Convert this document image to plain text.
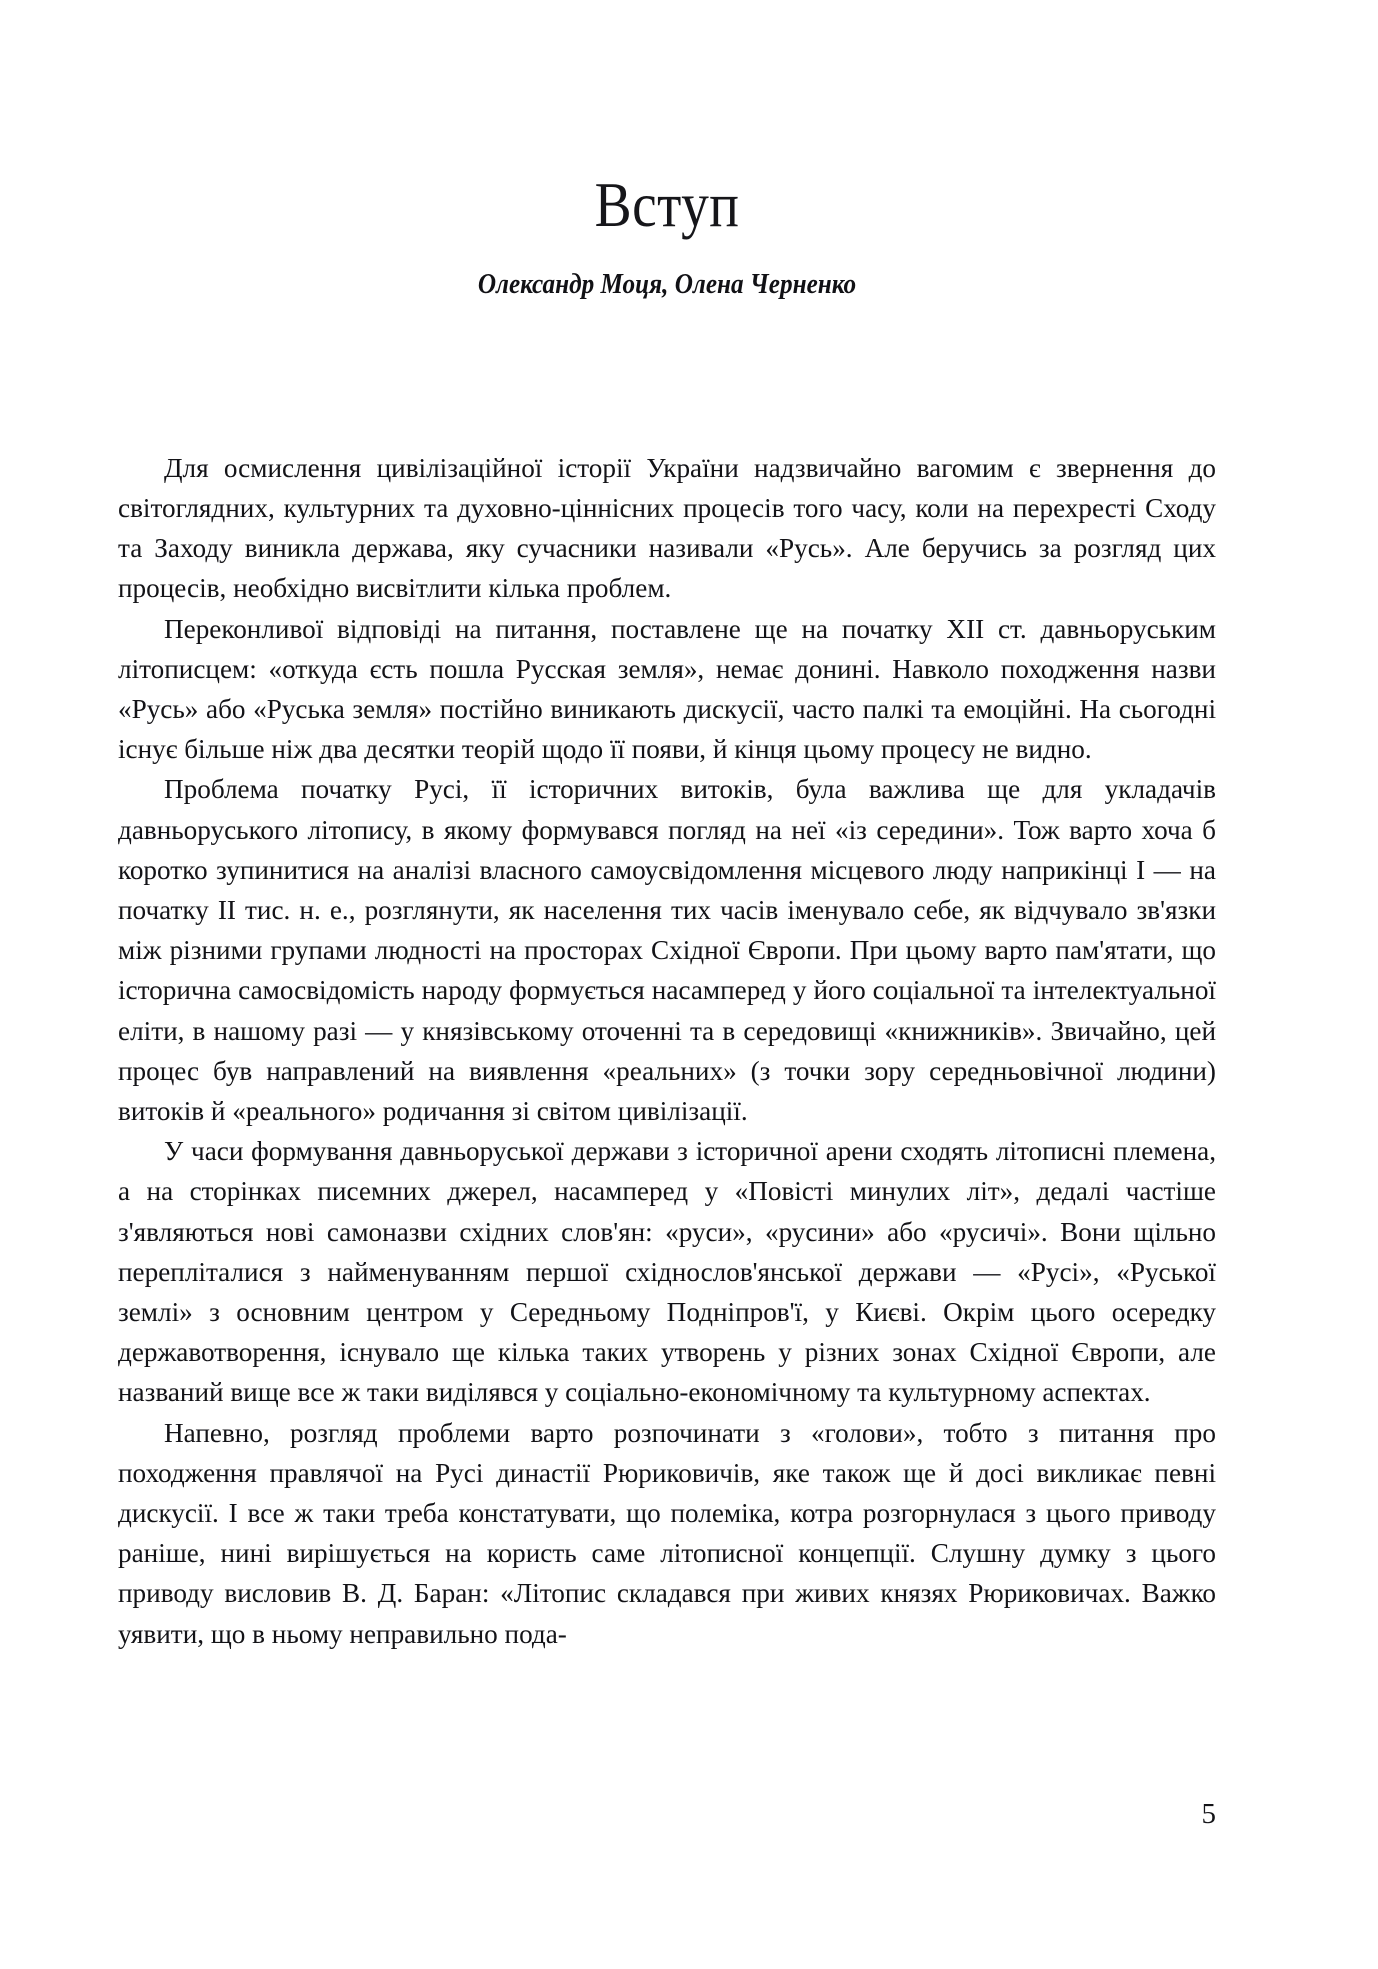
Вступ
Олександр Моця, Олена Черненко

Для осмислення цивілізаційної історії України надзвичайно вагомим є звернення до світоглядних, культурних та духовно-ціннісних процесів того часу, коли на перехресті Сходу та Заходу виникла держава, яку сучасники називали «Русь». Але беручись за розгляд цих процесів, необхідно висвітлити кілька проблем.

Переконливої відповіді на питання, поставлене ще на початку XII ст. давньоруським літописцем: «откуда єсть пошла Русская земля», немає донині. Навколо походження назви «Русь» або «Руська земля» постійно виникають дискусії, часто палкі та емоційні. На сьогодні існує більше ніж два десятки теорій щодо її появи, й кінця цьому процесу не видно.

Проблема початку Русі, її історичних витоків, була важлива ще для укладачів давньоруського літопису, в якому формувався погляд на неї «із середини». Тож варто хоча б коротко зупинитися на аналізі власного самоусвідомлення місцевого люду наприкінці I — на початку II тис. н. е., розглянути, як населення тих часів іменувало себе, як відчувало зв'язки між різними групами людності на просторах Східної Європи. При цьому варто пам'ятати, що історична самосвідомість народу формується насамперед у його соціальної та інтелектуальної еліти, в нашому разі — у князівському оточенні та в середовищі «книжників». Звичайно, цей процес був направлений на виявлення «реальних» (з точки зору середньовічної людини) витоків й «реального» родичання зі світом цивілізації.

У часи формування давньоруської держави з історичної арени сходять літописні племена, а на сторінках писемних джерел, насамперед у «Повісті минулих літ», дедалі частіше з'являються нові самоназви східних слов'ян: «руси», «русини» або «русичі». Вони щільно перепліталися з найменуванням першої східнослов'янської держави — «Русі», «Руської землі» з основним центром у Середньому Подніпров'ї, у Києві. Окрім цього осередку державотворення, існувало ще кілька таких утворень у різних зонах Східної Європи, але названий вище все ж таки виділявся у соціально-економічному та культурному аспектах.

Напевно, розгляд проблеми варто розпочинати з «голови», тобто з питання про походження правлячої на Русі династії Рюриковичів, яке також ще й досі викликає певні дискусії. І все ж таки треба констатувати, що полеміка, котра розгорнулася з цього приводу раніше, нині вирішується на користь саме літописної концепції. Слушну думку з цього приводу висловив В. Д. Баран: «Літопис складався при живих князях Рюриковичах. Важко уявити, що в ньому неправильно пода-

5
